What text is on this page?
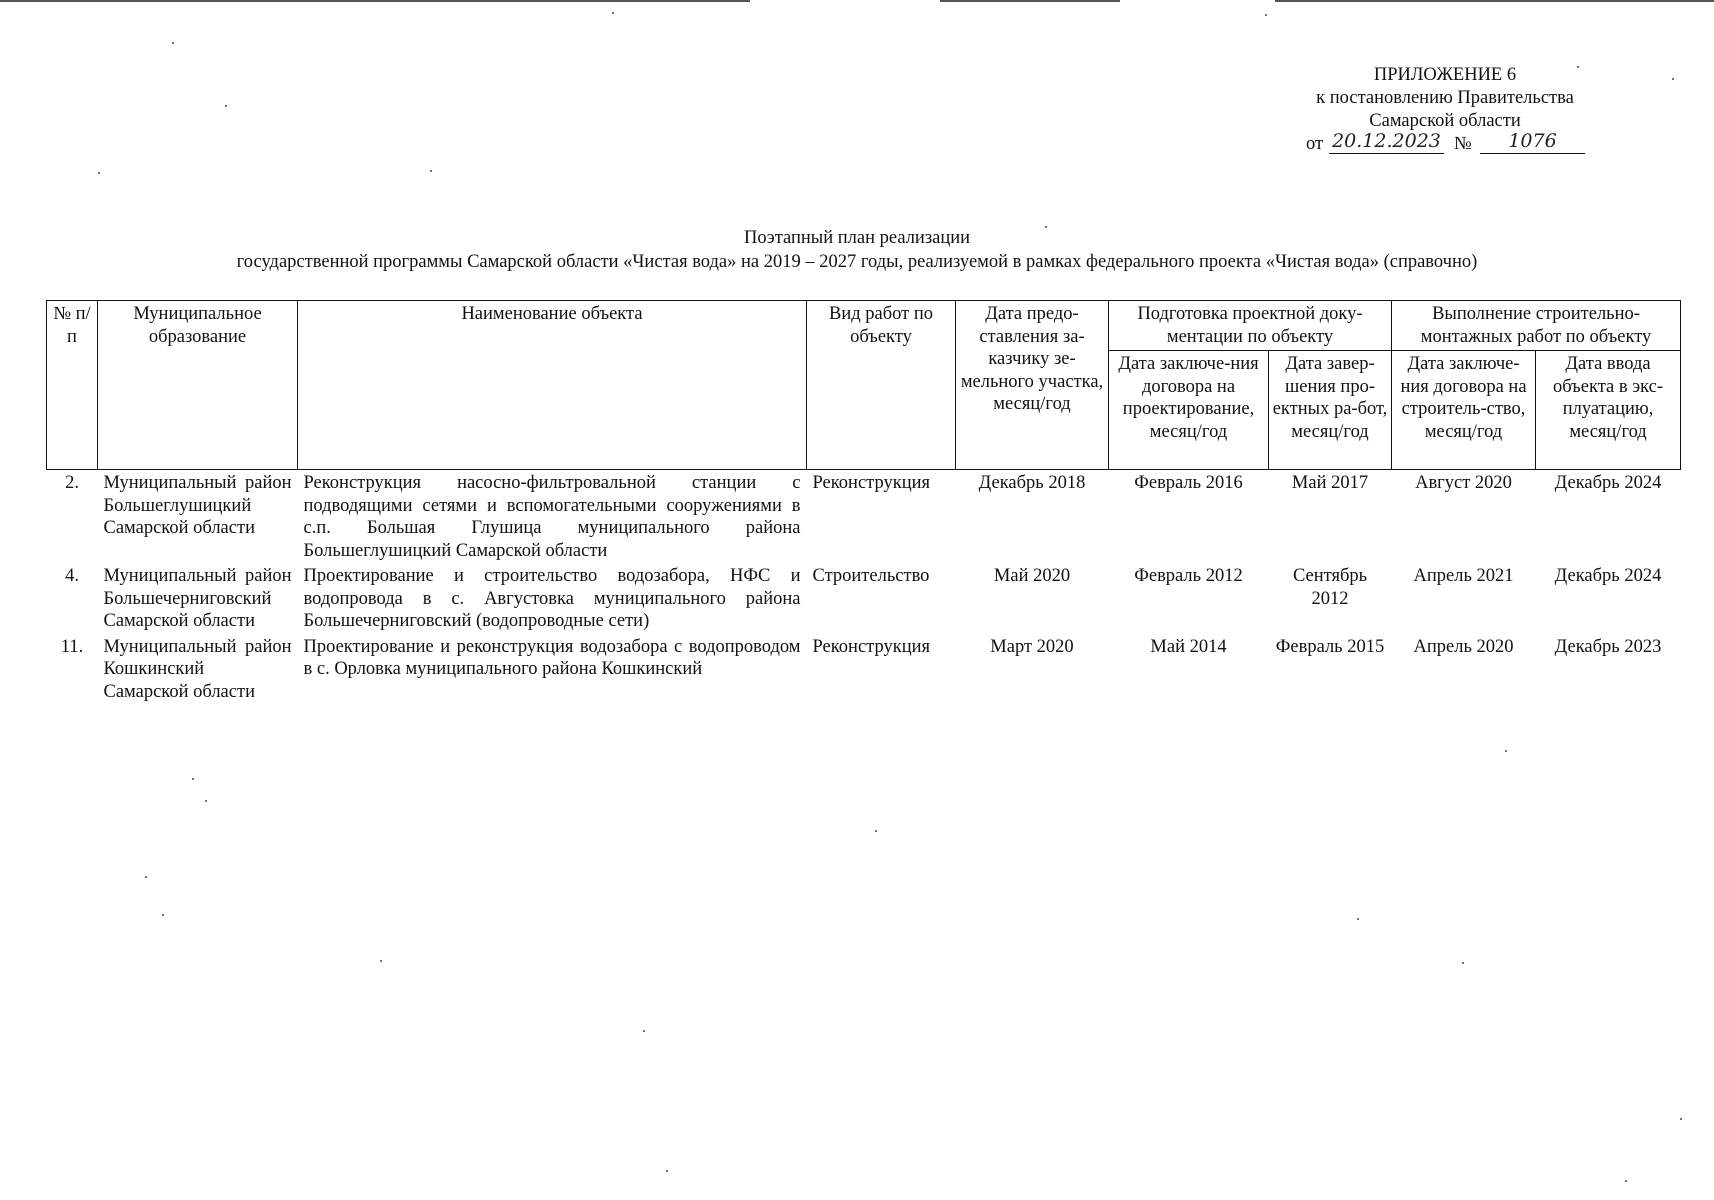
ПРИЛОЖЕНИЕ 6
к постановлению Правительства
Самарской области
от 20.12.2023 №	1076
Поэтапный план реализации
государственной программы Самарской области «Чистая вода» на 2019 – 2027 годы, реализуемой в рамках федерального проекта «Чистая вода» (справочно)
№ п/п	Муниципальное образование	Наименование объекта	Вид работ по объекту	Дата предо-ставления за-казчику зе-мельного участка, месяц/год	Подготовка проектной доку-ментации по объекту		Выполнение строительно-монтажных работ по объекту	
					Дата заключе-ния договора на проектирование, месяц/год	Дата завер-шения про-ектных ра-бот, месяц/год	Дата заключе-ния договора на строитель-ство, месяц/год	Дата ввода объекта в экс-плуатацию, месяц/год
2.	Муниципальный район Большеглушицкий Самарской области	Реконструкция насосно-фильтровальной станции с подводящими сетями и вспомогательными сооружениями в с.п. Большая Глушица муниципального района Большеглушицкий Самарской области	Реконструкция	Декабрь 2018	Февраль 2016	Май 2017	Август 2020	Декабрь 2024
4.	Муниципальный район Большечерниговский Самарской области	Проектирование и строительство водозабора, НФС и водопровода в с. Августовка муниципального района Большечерниговский (водопроводные сети)	Строительство	Май 2020	Февраль 2012	Сентябрь 2012	Апрель 2021	Декабрь 2024
11.	Муниципальный район Кошкинский Самарской области	Проектирование и реконструкция водозабора с водопроводом в с. Орловка муниципального района Кошкинский	Реконструкция	Март 2020	Май 2014	Февраль 2015	Апрель 2020	Декабрь 2023
